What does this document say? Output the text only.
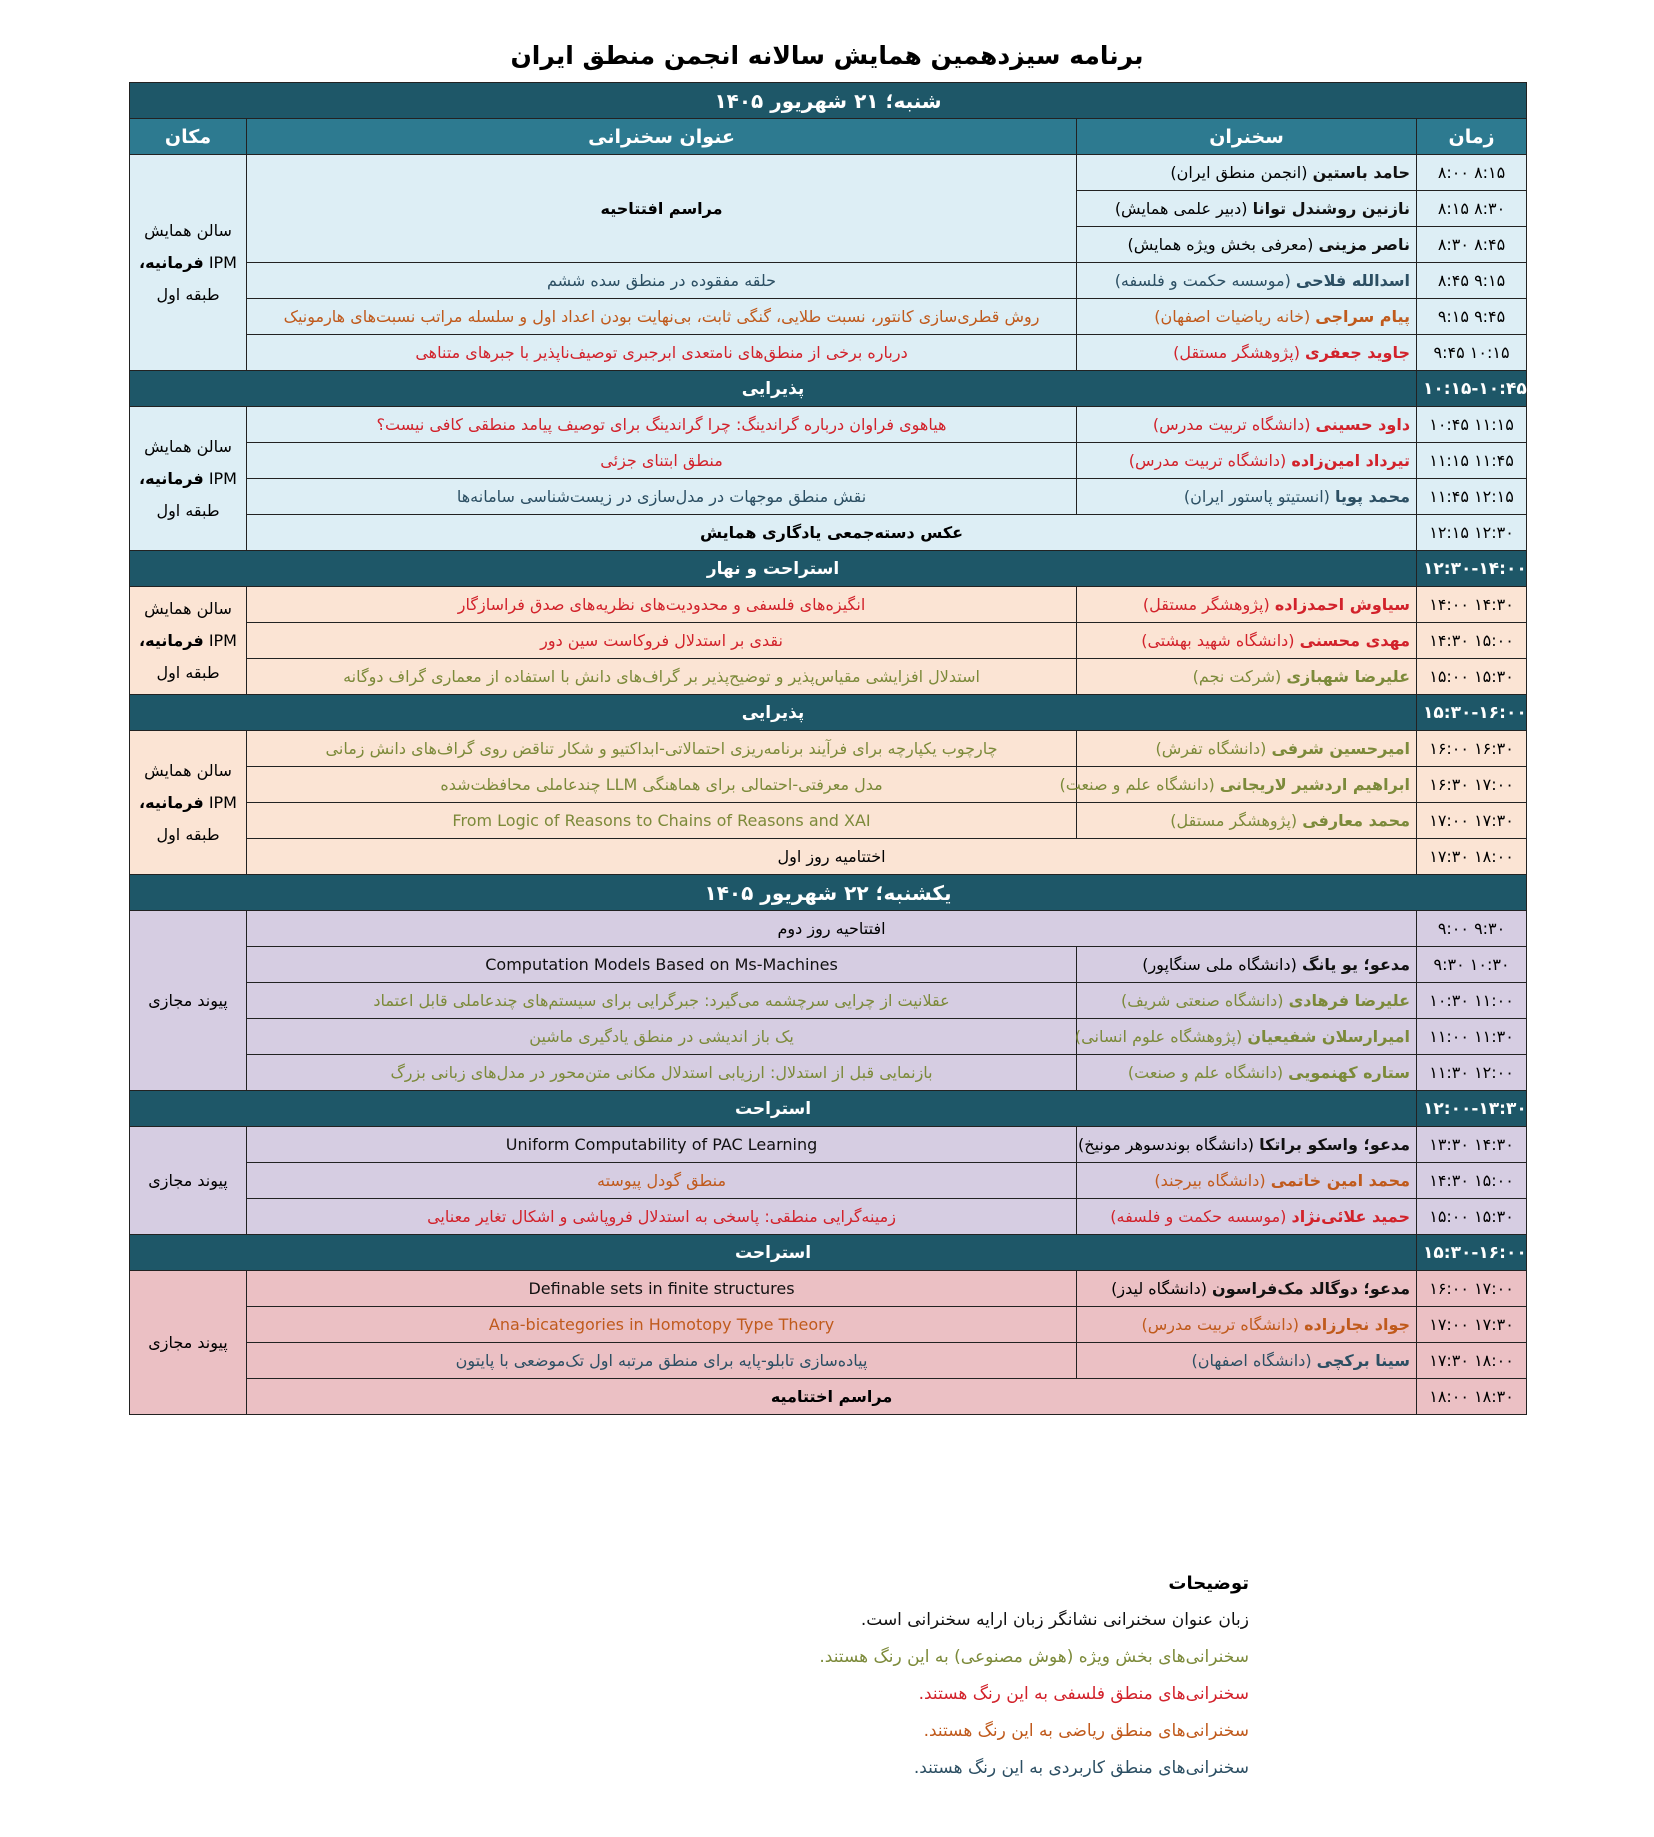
برنامه سیزدهمین همایش سالانه انجمن منطق ایران
شنبه؛ ۲۱ شهریور ۱۴۰۵			
زمان	سخنران	عنوان سخنرانی	مکان
۸:۰۰ ۸:۱۵	حامد باستین (انجمن منطق ایران)	مراسم افتتاحیه	سالن همایش
IPM فرمانیه،
طبقه اول

۸:۱۵ ۸:۳۰	نازنین روشندل توانا (دبیر علمی همایش)		
۸:۳۰ ۸:۴۵	ناصر مزینی (معرفی بخش ویژه همایش)		
۸:۴۵ ۹:۱۵	اسدالله فلاحی (موسسه حکمت و فلسفه)	حلقه مفقوده در منطق سده ششم	
۹:۱۵ ۹:۴۵	پیام سراجی (خانه ریاضیات اصفهان)	روش قطری‌سازی کانتور، نسبت طلایی، گنگی ثابت، بی‌نهایت بودن اعداد اول و سلسله مراتب نسبت‌های هارمونیک	
۹:۴۵ ۱۰:۱۵	جاوید جعفری (پژوهشگر مستقل)	درباره برخی از منطق‌های نامتعدی ابرجبری توصیف‌ناپذیر با جبرهای متناهی	
۱۰:۱۵-۱۰:۴۵	پذیرایی		
۱۰:۴۵ ۱۱:۱۵	داود حسینی (دانشگاه تربیت مدرس)	هیاهوی فراوان درباره گراندینگ: چرا گراندینگ برای توصیف پیامد منطقی کافی نیست؟	سالن همایش
IPM فرمانیه،
طبقه اول

۱۱:۱۵ ۱۱:۴۵	تیرداد امین‌زاده (دانشگاه تربیت مدرس)	منطق ابتنای جزئی	
۱۱:۴۵ ۱۲:۱۵	محمد پویا (انستیتو پاستور ایران)	نقش منطق موجهات در مدل‌سازی در زیست‌شناسی سامانه‌ها	
۱۲:۱۵ ۱۲:۳۰	عکس دسته‌جمعی یادگاری همایش		
۱۲:۳۰-۱۴:۰۰	استراحت و نهار		
۱۴:۰۰ ۱۴:۳۰	سیاوش احمدزاده (پژوهشگر مستقل)	انگیزه‌های فلسفی و محدودیت‌های نظریه‌های صدق فراسازگار	سالن همایش
IPM فرمانیه،
طبقه اول

۱۴:۳۰ ۱۵:۰۰	مهدی محسنی (دانشگاه شهید بهشتی)	نقدی بر استدلال فروکاست سین دور	
۱۵:۰۰ ۱۵:۳۰	علیرضا شهبازی (شرکت نجم)	استدلال افزایشی مقیاس‌پذیر و توضیح‌پذیر بر گراف‌های دانش با استفاده از معماری گراف دوگانه	
۱۵:۳۰-۱۶:۰۰	پذیرایی		
۱۶:۰۰ ۱۶:۳۰	امیرحسین شرفی (دانشگاه تفرش)	چارچوب یکپارچه برای فرآیند برنامه‌ریزی احتمالاتی-ابداکتیو و شکار تناقض روی گراف‌های دانش زمانی	سالن همایش
IPM فرمانیه،
طبقه اول

۱۶:۳۰ ۱۷:۰۰	ابراهیم اردشیر لاریجانی (دانشگاه علم و صنعت)	مدل معرفتی-احتمالی برای هماهنگی LLM چندعاملی محافظت‌شده	
۱۷:۰۰ ۱۷:۳۰	محمد معارفی (پژوهشگر مستقل)	From Logic of Reasons to Chains of Reasons and XAI	
۱۷:۳۰ ۱۸:۰۰	اختتامیه روز اول		
یکشنبه؛ ۲۲ شهریور ۱۴۰۵			
۹:۰۰ ۹:۳۰	افتتاحیه روز دوم		پیوند مجازی
۹:۳۰ ۱۰:۳۰	مدعو؛ یو یانگ (دانشگاه ملی سنگاپور)	Computation Models Based on Ms-Machines	
۱۰:۳۰ ۱۱:۰۰	علیرضا فرهادی (دانشگاه صنعتی شریف)	عقلانیت از چرایی سرچشمه می‌گیرد: جبرگرایی برای سیستم‌های چندعاملی قابل اعتماد	
۱۱:۰۰ ۱۱:۳۰	امیرارسلان شفیعیان (پژوهشگاه علوم انسانی)	یک باز اندیشی در منطق یادگیری ماشین	
۱۱:۳۰ ۱۲:۰۰	ستاره کهنمویی (دانشگاه علم و صنعت)	بازنمایی قبل از استدلال: ارزیابی استدلال مکانی متن‌محور در مدل‌های زبانی بزرگ	
۱۲:۰۰-۱۳:۳۰	استراحت		
۱۳:۳۰ ۱۴:۳۰	مدعو؛ واسکو براتکا (دانشگاه بوندسوهر مونیخ)	Uniform Computability of PAC Learning	پیوند مجازی
۱۴:۳۰ ۱۵:۰۰	محمد امین خاتمی (دانشگاه بیرجند)	منطق گودل پیوسته	
۱۵:۰۰ ۱۵:۳۰	حمید علائی‌نژاد (موسسه حکمت و فلسفه)	زمینه‌گرایی منطقی: پاسخی به استدلال فروپاشی و اشکال تغایر معنایی	
۱۵:۳۰-۱۶:۰۰	استراحت		
۱۶:۰۰ ۱۷:۰۰	مدعو؛ دوگالد مک‌فراسون (دانشگاه لیدز)	Definable sets in finite structures	پیوند مجازی
۱۷:۰۰ ۱۷:۳۰	جواد نجارزاده (دانشگاه تربیت مدرس)	Ana-bicategories in Homotopy Type Theory	
۱۷:۳۰ ۱۸:۰۰	سینا برکچی (دانشگاه اصفهان)	پیاده‌سازی تابلو-پایه برای منطق مرتبه اول تک‌موضعی با پایتون	
۱۸:۰۰ ۱۸:۳۰	مراسم اختتامیه		
توضیحات
زبان عنوان سخنرانی نشانگر زبان ارایه سخنرانی است.
سخنرانی‌های بخش ویژه (هوش مصنوعی) به این رنگ هستند.
سخنرانی‌های منطق فلسفی به این رنگ هستند.
سخنرانی‌های منطق ریاضی به این رنگ هستند.
سخنرانی‌های منطق کاربردی به این رنگ هستند.
